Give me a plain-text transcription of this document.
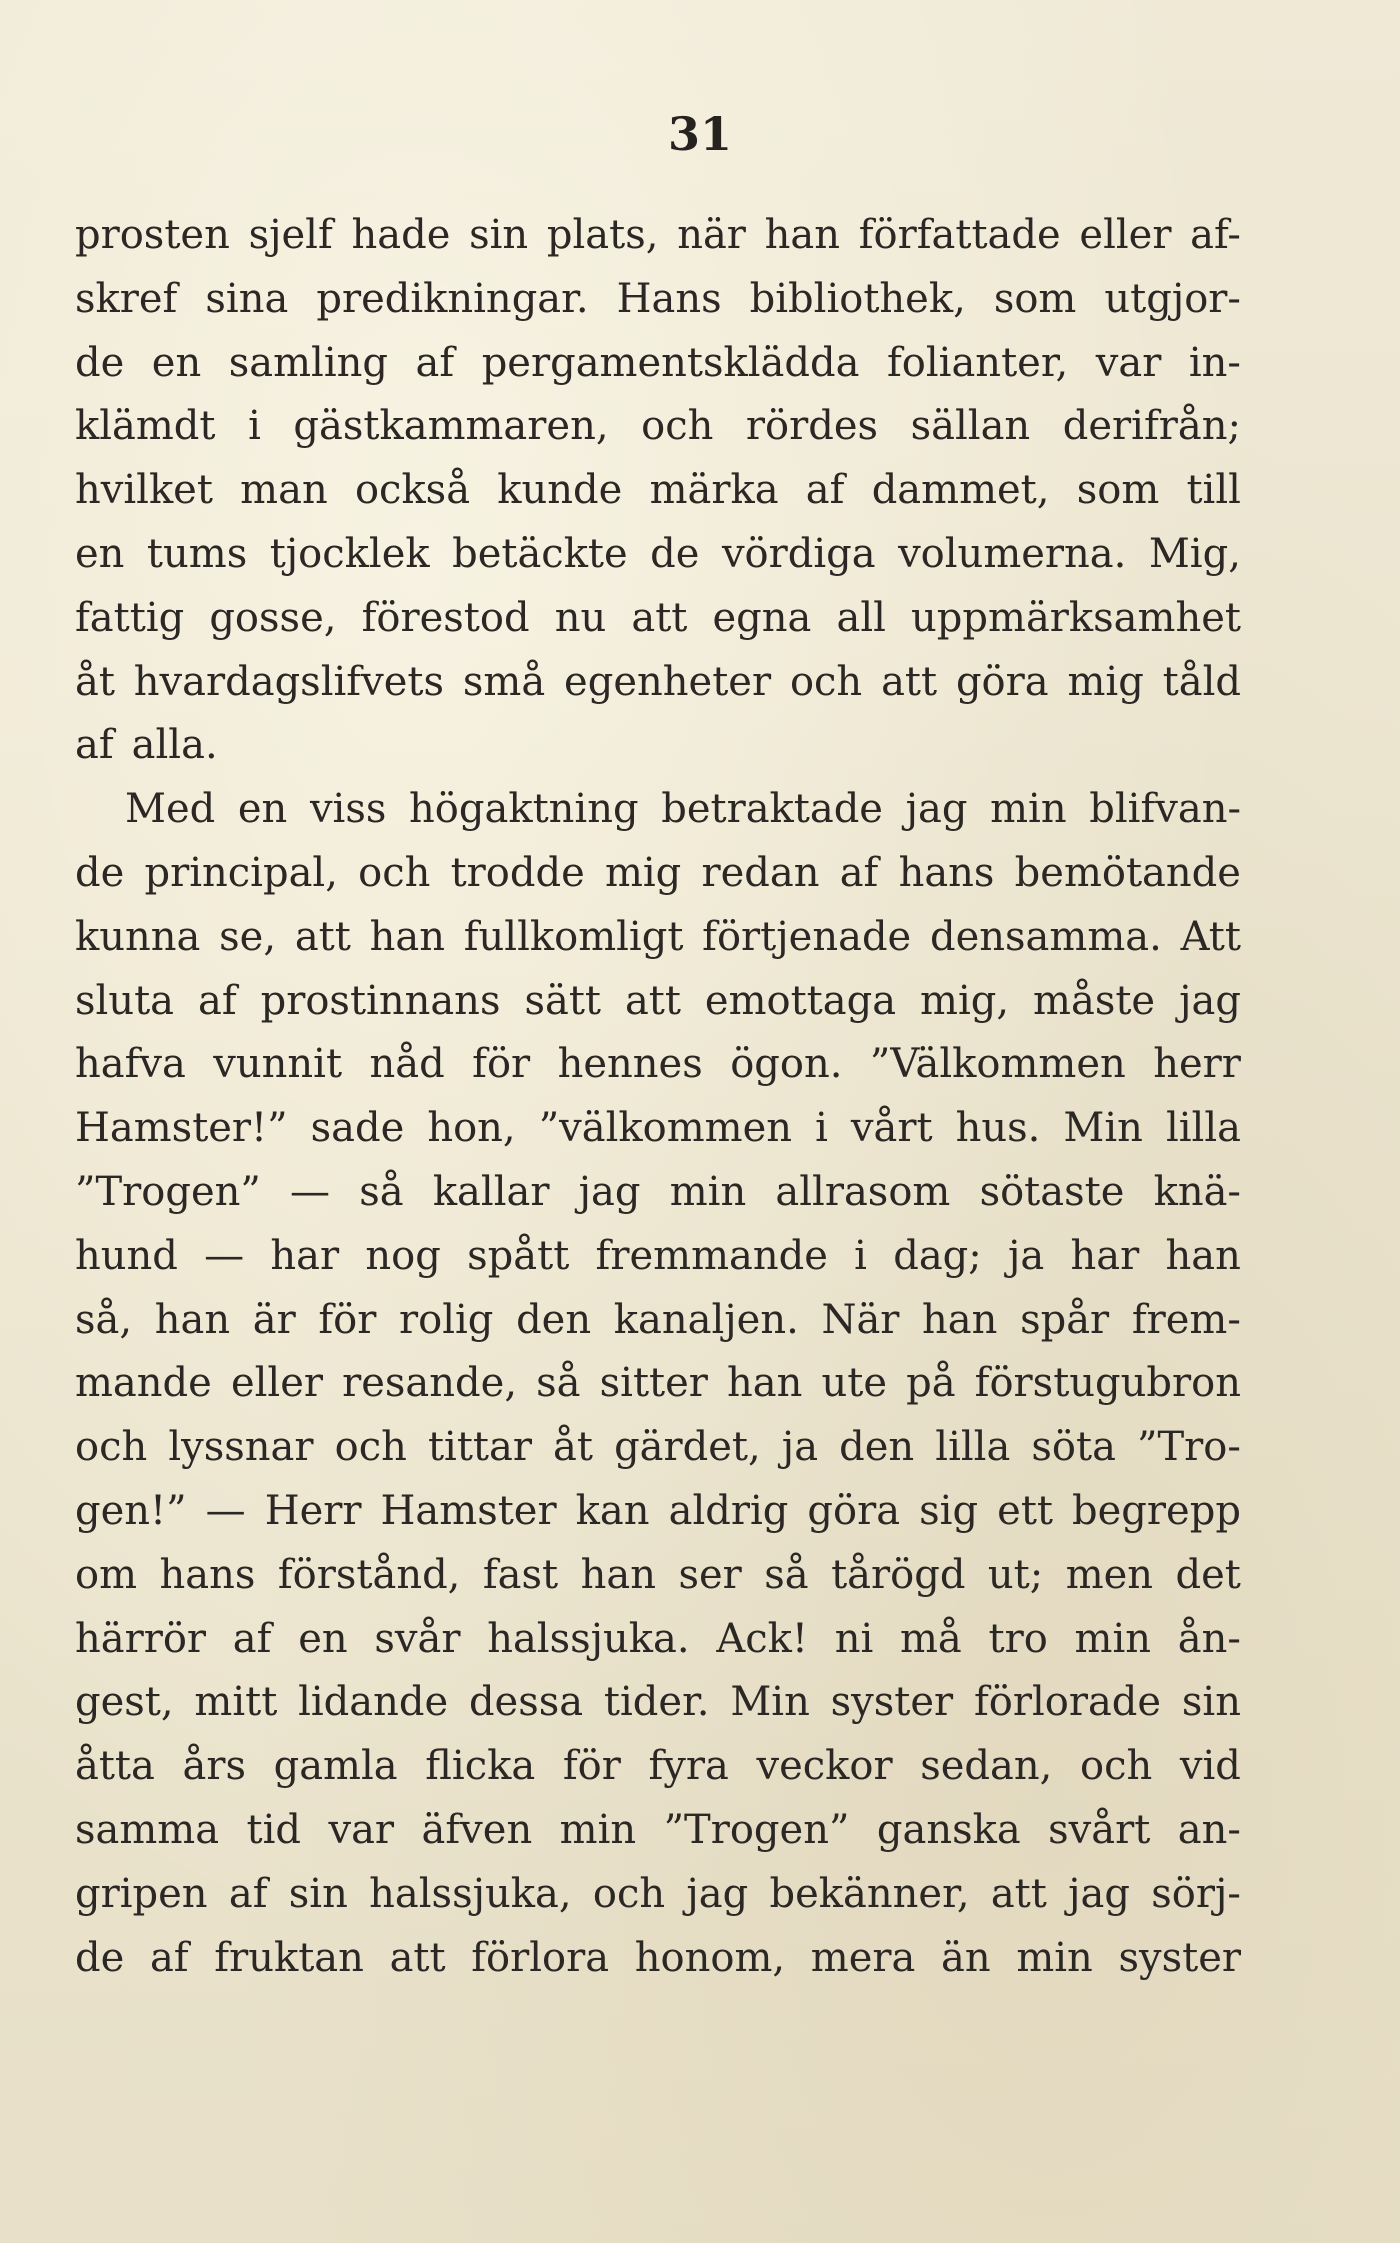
31
prosten sjelf hade sin plats, när han författade eller af-
skref sina predikningar. Hans bibliothek, som utgjor-
de en samling af pergamentsklädda folianter, var in-
klämdt i gästkammaren, och rördes sällan derifrån;
hvilket man också kunde märka af dammet, som till
en tums tjocklek betäckte de vördiga volumerna. Mig,
fattig gosse, förestod nu att egna all uppmärksamhet
åt hvardagslifvets små egenheter och att göra mig tåld
af alla.
Med en viss högaktning betraktade jag min blifvan-
de principal, och trodde mig redan af hans bemötande
kunna se, att han fullkomligt förtjenade densamma. Att
sluta af prostinnans sätt att emottaga mig, måste jag
hafva vunnit nåd för hennes ögon. ”Välkommen herr
Hamster!” sade hon, ”välkommen i vårt hus. Min lilla
”Trogen” — så kallar jag min allrasom sötaste knä-
hund — har nog spått fremmande i dag; ja har han
så, han är för rolig den kanaljen. När han spår frem-
mande eller resande, så sitter han ute på förstugubron
och lyssnar och tittar åt gärdet, ja den lilla söta ”Tro-
gen!” — Herr Hamster kan aldrig göra sig ett begrepp
om hans förstånd, fast han ser så tårögd ut; men det
härrör af en svår halssjuka. Ack! ni må tro min ån-
gest, mitt lidande dessa tider. Min syster förlorade sin
åtta års gamla flicka för fyra veckor sedan, och vid
samma tid var äfven min ”Trogen” ganska svårt an-
gripen af sin halssjuka, och jag bekänner, att jag sörj-
de af fruktan att förlora honom, mera än min syster
